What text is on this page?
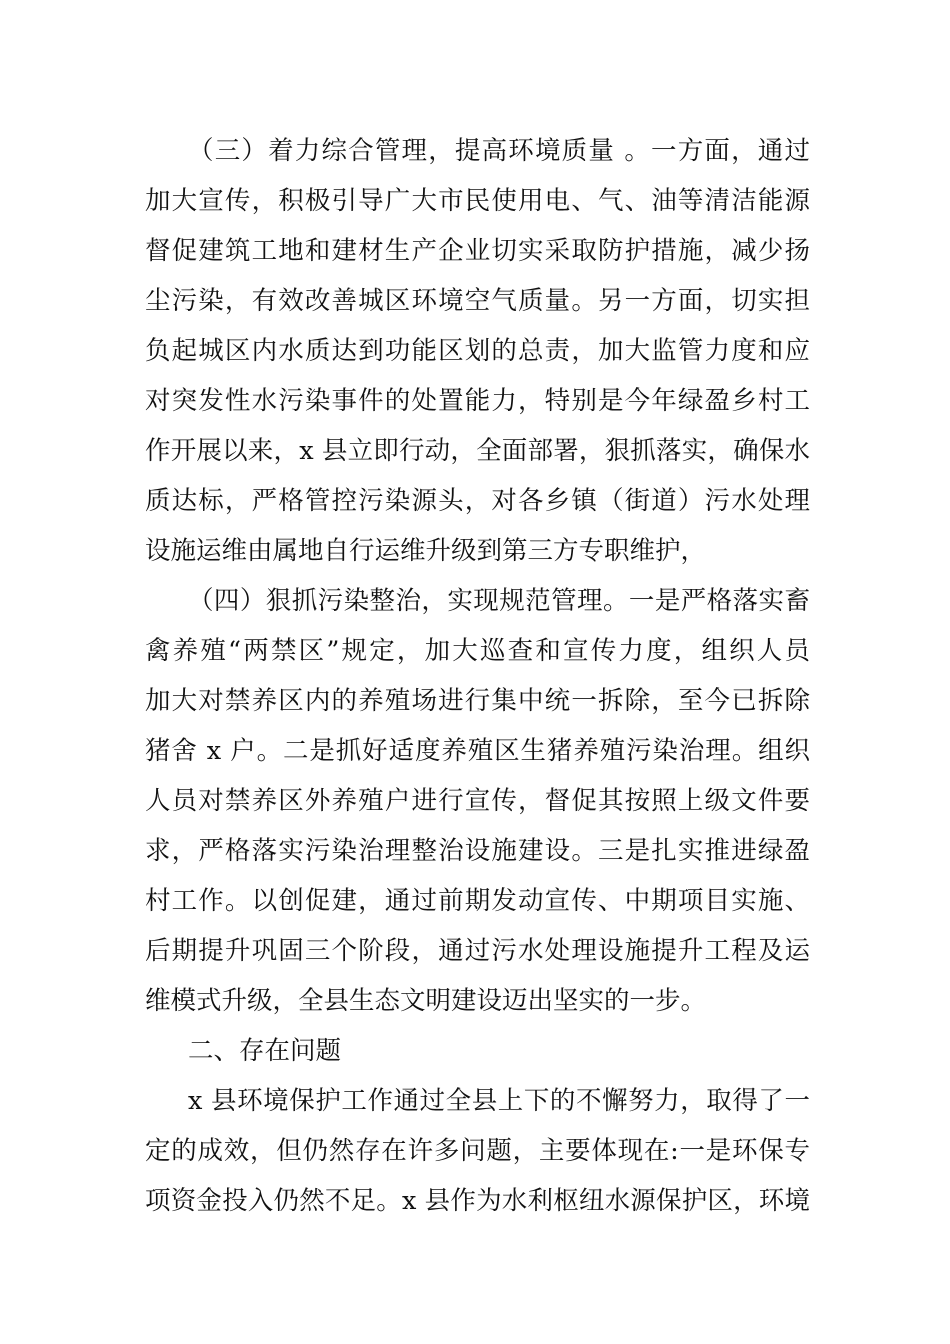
（三）着力综合管理，提高环境质量 。一方面，通过
加大宣传，积极引导广大市民使用电、气、油等清洁能源
督促建筑工地和建材生产企业切实采取防护措施，减少扬
尘污染，有效改善城区环境空气质量。另一方面，切实担
负起城区内水质达到功能区划的总责，加大监管力度和应
对突发性水污染事件的处置能力，特别是今年绿盈乡村工
作开展以来，x 县立即行动，全面部署，狠抓落实，确保水
质达标，严格管控污染源头，对各乡镇（街道）污水处理
设施运维由属地自行运维升级到第三方专职维护，
（四）狠抓污染整治，实现规范管理。一是严格落实畜
禽养殖“两禁区”规定，加大巡查和宣传力度，组织人员
加大对禁养区内的养殖场进行集中统一拆除，至今已拆除
猪舍 x 户。二是抓好适度养殖区生猪养殖污染治理。组织
人员对禁养区外养殖户进行宣传，督促其按照上级文件要
求，严格落实污染治理整治设施建设。三是扎实推进绿盈
村工作。以创促建，通过前期发动宣传、中期项目实施、
后期提升巩固三个阶段，通过污水处理设施提升工程及运
维模式升级，全县生态文明建设迈出坚实的一步。
二、存在问题
x 县环境保护工作通过全县上下的不懈努力，取得了一
定的成效，但仍然存在许多问题，主要体现在:一是环保专
项资金投入仍然不足。x 县作为水利枢纽水源保护区，环境
